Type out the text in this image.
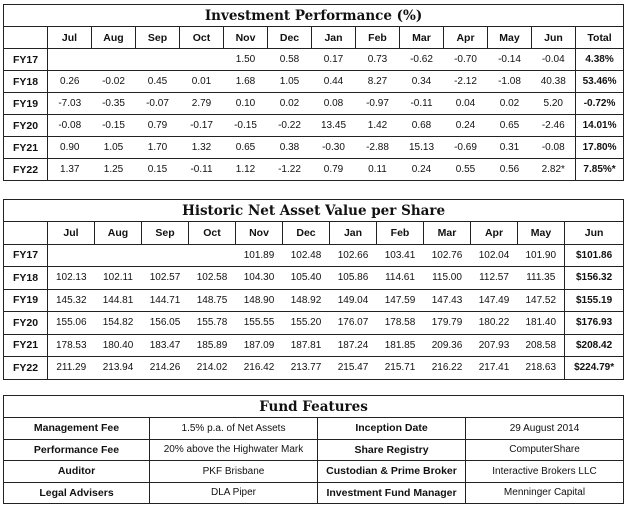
Investment Performance (%)													
	Jul	Aug	Sep	Oct	Nov	Dec	Jan	Feb	Mar	Apr	May	Jun	Total
FY17					1.50	0.58	0.17	0.73	-0.62	-0.70	-0.14	-0.04	4.38%
FY18	0.26	-0.02	0.45	0.01	1.68	1.05	0.44	8.27	0.34	-2.12	-1.08	40.38	53.46%
FY19	-7.03	-0.35	-0.07	2.79	0.10	0.02	0.08	-0.97	-0.11	0.04	0.02	5.20	-0.72%
FY20	-0.08	-0.15	0.79	-0.17	-0.15	-0.22	13.45	1.42	0.68	0.24	0.65	-2.46	14.01%
FY21	0.90	1.05	1.70	1.32	0.65	0.38	-0.30	-2.88	15.13	-0.69	0.31	-0.08	17.80%
FY22	1.37	1.25	0.15	-0.11	1.12	-1.22	0.79	0.11	0.24	0.55	0.56	2.82*	7.85%*
Historic Net Asset Value per Share												
	Jul	Aug	Sep	Oct	Nov	Dec	Jan	Feb	Mar	Apr	May	Jun
FY17					101.89	102.48	102.66	103.41	102.76	102.04	101.90	$101.86
FY18	102.13	102.11	102.57	102.58	104.30	105.40	105.86	114.61	115.00	112.57	111.35	$156.32
FY19	145.32	144.81	144.71	148.75	148.90	148.92	149.04	147.59	147.43	147.49	147.52	$155.19
FY20	155.06	154.82	156.05	155.78	155.55	155.20	176.07	178.58	179.79	180.22	181.40	$176.93
FY21	178.53	180.40	183.47	185.89	187.09	187.81	187.24	181.85	209.36	207.93	208.58	$208.42
FY22	211.29	213.94	214.26	214.02	216.42	213.77	215.47	215.71	216.22	217.41	218.63	$224.79*
Fund Features			
Management Fee	1.5% p.a. of Net Assets	Inception Date	29 August 2014
Performance Fee	20% above the Highwater Mark	Share Registry	ComputerShare
Auditor	PKF Brisbane	Custodian & Prime Broker	Interactive Brokers LLC
Legal Advisers	DLA Piper	Investment Fund Manager	Menninger Capital
